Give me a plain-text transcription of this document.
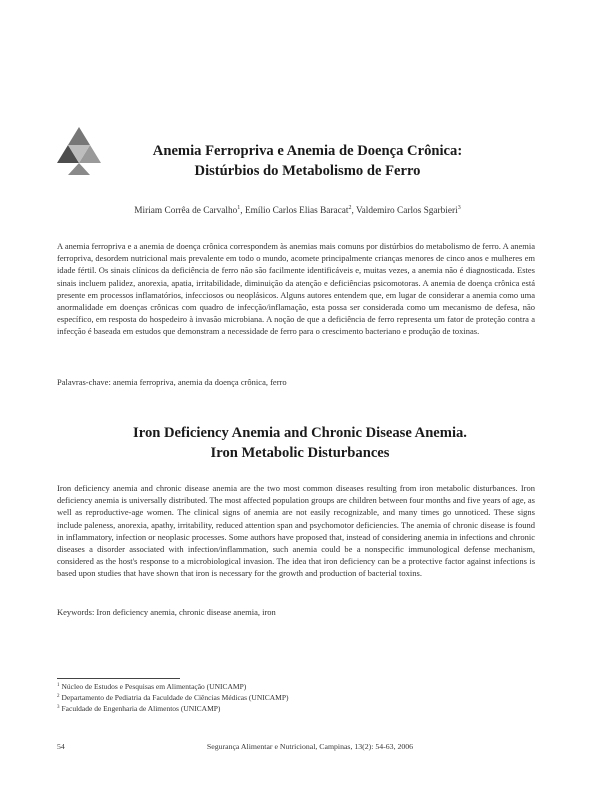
Anemia Ferropriva e Anemia de Doença Crônica:
Distúrbios do Metabolismo de Ferro
Miriam Corrêa de Carvalho$^1$, Emílio Carlos Elias Baracat$^2$, Valdemiro Carlos Sgarbieri$^3$
A anemia ferropriva e a anemia de doença crônica correspondem às anemias mais comuns por distúrbios do metabolismo de ferro. A anemia ferropriva, desordem nutricional mais prevalente em todo o mundo, acomete principalmente crianças menores de cinco anos e mulheres em idade fértil. Os sinais clínicos da deficiência de ferro não são facilmente identificáveis e, muitas vezes, a anemia não é diagnosticada. Estes sinais incluem palidez, anorexia, apatia, irritabilidade, diminuição da atenção e deficiências psicomotoras. A anemia de doença crônica está presente em processos inflamatórios, infecciosos ou neoplásicos. Alguns autores entendem que, em lugar de considerar a anemia como uma anormalidade em doenças crônicas com quadro de infecção/inflamação, esta possa ser considerada como um mecanismo de defesa, não específico, em resposta do hospedeiro à invasão microbiana. A noção de que a deficiência de ferro representa um fator de proteção contra a infecção é baseada em estudos que demonstram a necessidade de ferro para o crescimento bacteriano e produção de toxinas.
Palavras-chave: anemia ferropriva, anemia da doença crônica, ferro
Iron Deficiency Anemia and Chronic Disease Anemia.
Iron Metabolic Disturbances
Iron deficiency anemia and chronic disease anemia are the two most common diseases resulting from iron metabolic disturbances. Iron deficiency anemia is universally distributed. The most affected population groups are children between four months and five years of age, as well as reproductive-age women. The clinical signs of anemia are not easily recognizable, and many times go unnoticed. These signs include paleness, anorexia, apathy, irritability, reduced attention span and psychomotor deficiencies. The anemia of chronic disease is found in inflammatory, infection or neoplasic processes. Some authors have proposed that, instead of considering anemia in infections and chronic diseases a disorder associated with infection/inflammation, such anemia could be a nonspecific immunological defense mechanism, considered as the host's response to a microbiological invasion. The idea that iron deficiency can be a protective factor against infections is based upon studies that have shown that iron is necessary for the growth and production of bacterial toxins.
Keywords: Iron deficiency anemia, chronic disease anemia, iron
$^1$ Núcleo de Estudos e Pesquisas em Alimentação (UNICAMP)
$^2$ Departamento de Pediatria da Faculdade de Ciências Médicas (UNICAMP)
$^3$ Faculdade de Engenharia de Alimentos (UNICAMP)
54	Segurança Alimentar e Nutricional, Campinas, 13(2): 54-63, 2006
